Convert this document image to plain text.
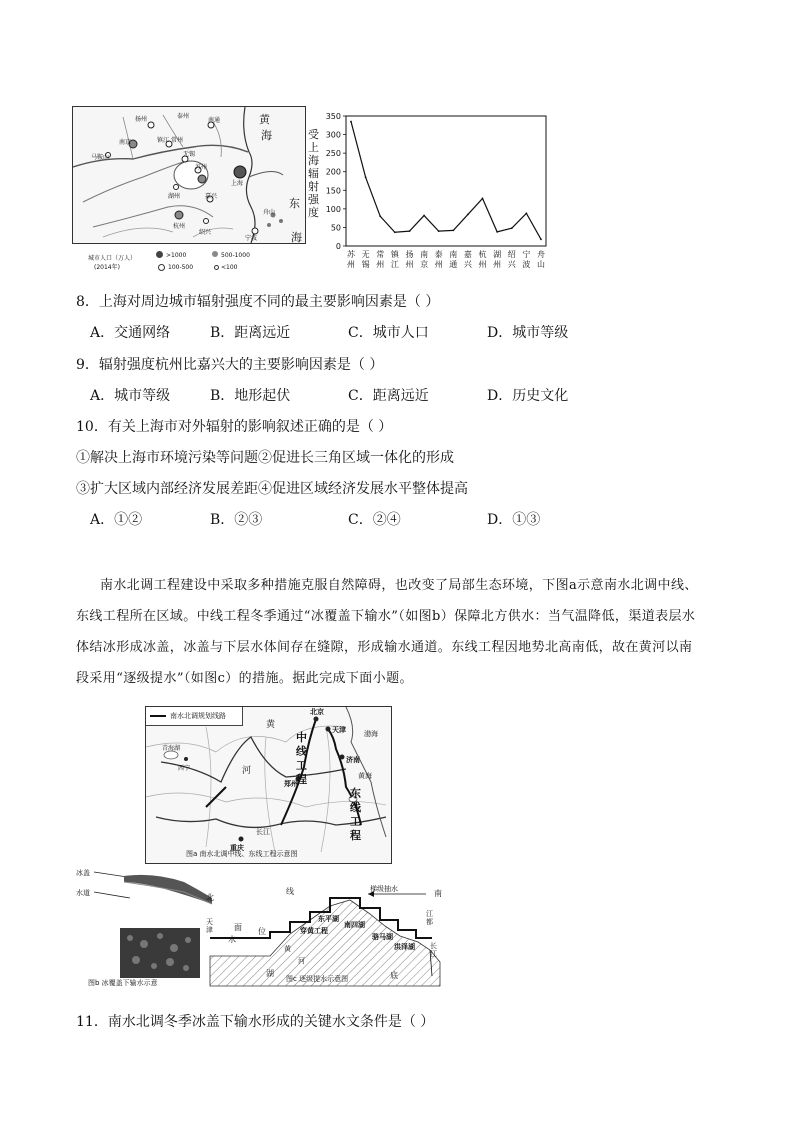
黄
海
东
海
扬州	泰州
南通
南京	镇江 常州
无锡
马鞍山
苏州
上海
湖州	嘉兴
杭州
绍兴
宁波
舟山
城市人口（万人）
(2014年)
>1000	500-1000
100-500	<100
受上海辐射强度
0
50
100
150
200
250
300
350
苏
州
无
锡
常
州
镇
江
扬
州
南
京
泰
州
南
通
嘉
兴
杭
州
湖
州
绍
兴
宁
波
舟
山
8．上海对周边城市辐射强度不同的最主要影响因素是（ ）
A．交通网络	B．距离远近	C．城市人口	D．城市等级
9．辐射强度杭州比嘉兴大的主要影响因素是（ ）
A．城市等级	B．地形起伏	C．距离远近	D．历史文化
10．有关上海市对外辐射的影响叙述正确的是（ ）
①解决上海市环境污染等问题②促进长三角区域一体化的形成
③扩大区域内部经济发展差距④促进区域经济发展水平整体提高
A．①②	B．②③	C．②④	D．①③
南水北调工程建设中采取多种措施克服自然障碍，也改变了局部生态环境，下图a示意南水北调中线、
东线工程所在区域。中线工程冬季通过“冰覆盖下输水”（如图b）保障北方供水：当气温降低，渠道表层水
体结冰形成冰盖，冰盖与下层水体间存在缝隙，形成输水通道。东线工程因地势北高南低，故在黄河以南
段采用“逐级提水”（如图c）的措施。据此完成下面小题。
南水北调规划线路	北京
天津
济南
郑州
黄海
青海湖
西宁
重庆
长江
中线工程
东线工程
黄
河
渤海
图a 南水北调中线、东线工程示意图
冰盖
水道
图b 冰覆盖下输水示意
北	南
梯级抽水
天津
黄
河
东平湖
穿黄工程
南四湖
骆马湖
洪泽湖
江都
长江
线
面
水
位
湖	底
图c 逐级提水示意图
11．南水北调冬季冰盖下输水形成的关键水文条件是（ ）
